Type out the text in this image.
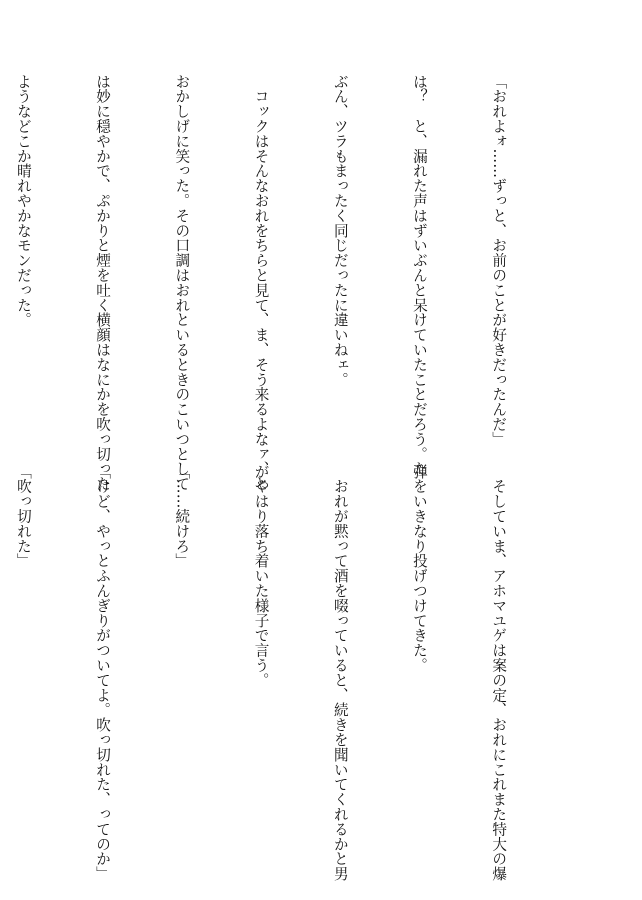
「おれよォ……ずっと、お前のことが好きだったんだ」

は？　と、漏れた声はずいぶんと呆けていたことだろう。た

ぶん、ツラもまったく同じだったに違いねェ。

　コックはそんなおれをちらと見て、ま、そう来るよなァ、と

おかしげに笑った。その口調はおれといるときのこいつとして

は妙に穏やかで、ぷかりと煙を吐く横顔はなにかを吹っ切った

ようなどこか晴れやかなモンだった。

　そしていま、アホマユゲは案の定、おれにこれまた特大の爆

弾をいきなり投げつけてきた。

　おれが黙って酒を啜っていると、続きを聞いてくれるかと男

がやはり落ち着いた様子で言う。

「……続けろ」

「けど、やっとふんぎりがついてよ。吹っ切れた、ってのか」

「吹っ切れた」
